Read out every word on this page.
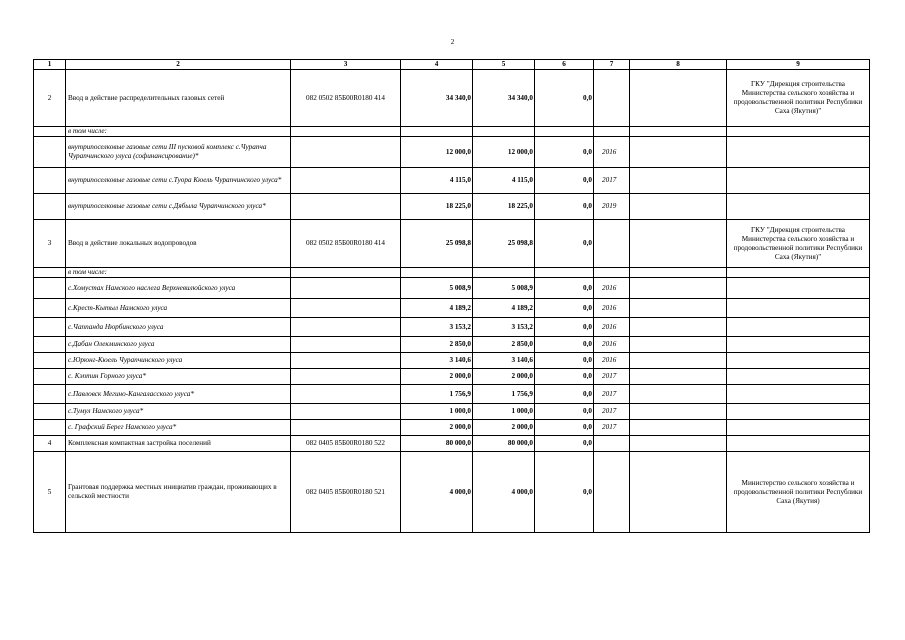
2
1	2	3	4	5	6	7	8	9
2	Ввод в действие распределительных газовых сетей	082 0502 85Б00R0180 414	34 340,0	34 340,0	0,0			ГКУ "Дирекция строительства Министерства сельского хозяйства и продовольственной политики Республики Саха (Якутия)"
	в том числе:							
	внутрипоселковые газовые сети III пусковой комплекс с.Чурапча Чурапчинского улуса (софинансирование)*		12 000,0	12 000,0	0,0	2016		
	внутрипоселковые газовые сети с.Туора Кюель Чурапчинского улуса*		4 115,0	4 115,0	0,0	2017		
	внутрипоселковые газовые сети с.Дябыла Чурапчинского улуса*		18 225,0	18 225,0	0,0	2019		
3	Ввод в действие локальных водопроводов	082 0502 85Б00R0180 414	25 098,8	25 098,8	0,0			ГКУ "Дирекция строительства Министерства сельского хозяйства и продовольственной политики Республики Саха (Якутия)"
	в том числе:							
	с.Хомустах Намского наслега Верхневилюйского улуса		5 008,9	5 008,9	0,0	2016		
	с.Крест-Кытыл Намского улуса		4 189,2	4 189,2	0,0	2016		
	с.Чаппанда Нюрбинского улуса		3 153,2	3 153,2	0,0	2016		
	с.Дабан Олекминского улуса		2 850,0	2 850,0	0,0	2016		
	с.Юрюнг-Кюель Чурапчинского улуса		3 140,6	3 140,6	0,0	2016		
	с. Кэптин Горного улуса*		2 000,0	2 000,0	0,0	2017		
	с.Павловск Мегино-Кангаласского улуса*		1 756,9	1 756,9	0,0	2017		
	с.Тумул Намского улуса*		1 000,0	1 000,0	0,0	2017		
	с. Графский Берег Намского улуса*		2 000,0	2 000,0	0,0	2017		
4	Комплексная компактная застройка поселений	082 0405 85Б00R0180 522	80 000,0	80 000,0	0,0			
5	Грантовая поддержка местных инициатив граждан, проживающих в сельской местности	082 0405 85Б00R0180 521	4 000,0	4 000,0	0,0			Министерство сельского хозяйства и продовольственной политики Республики Саха (Якутия)
